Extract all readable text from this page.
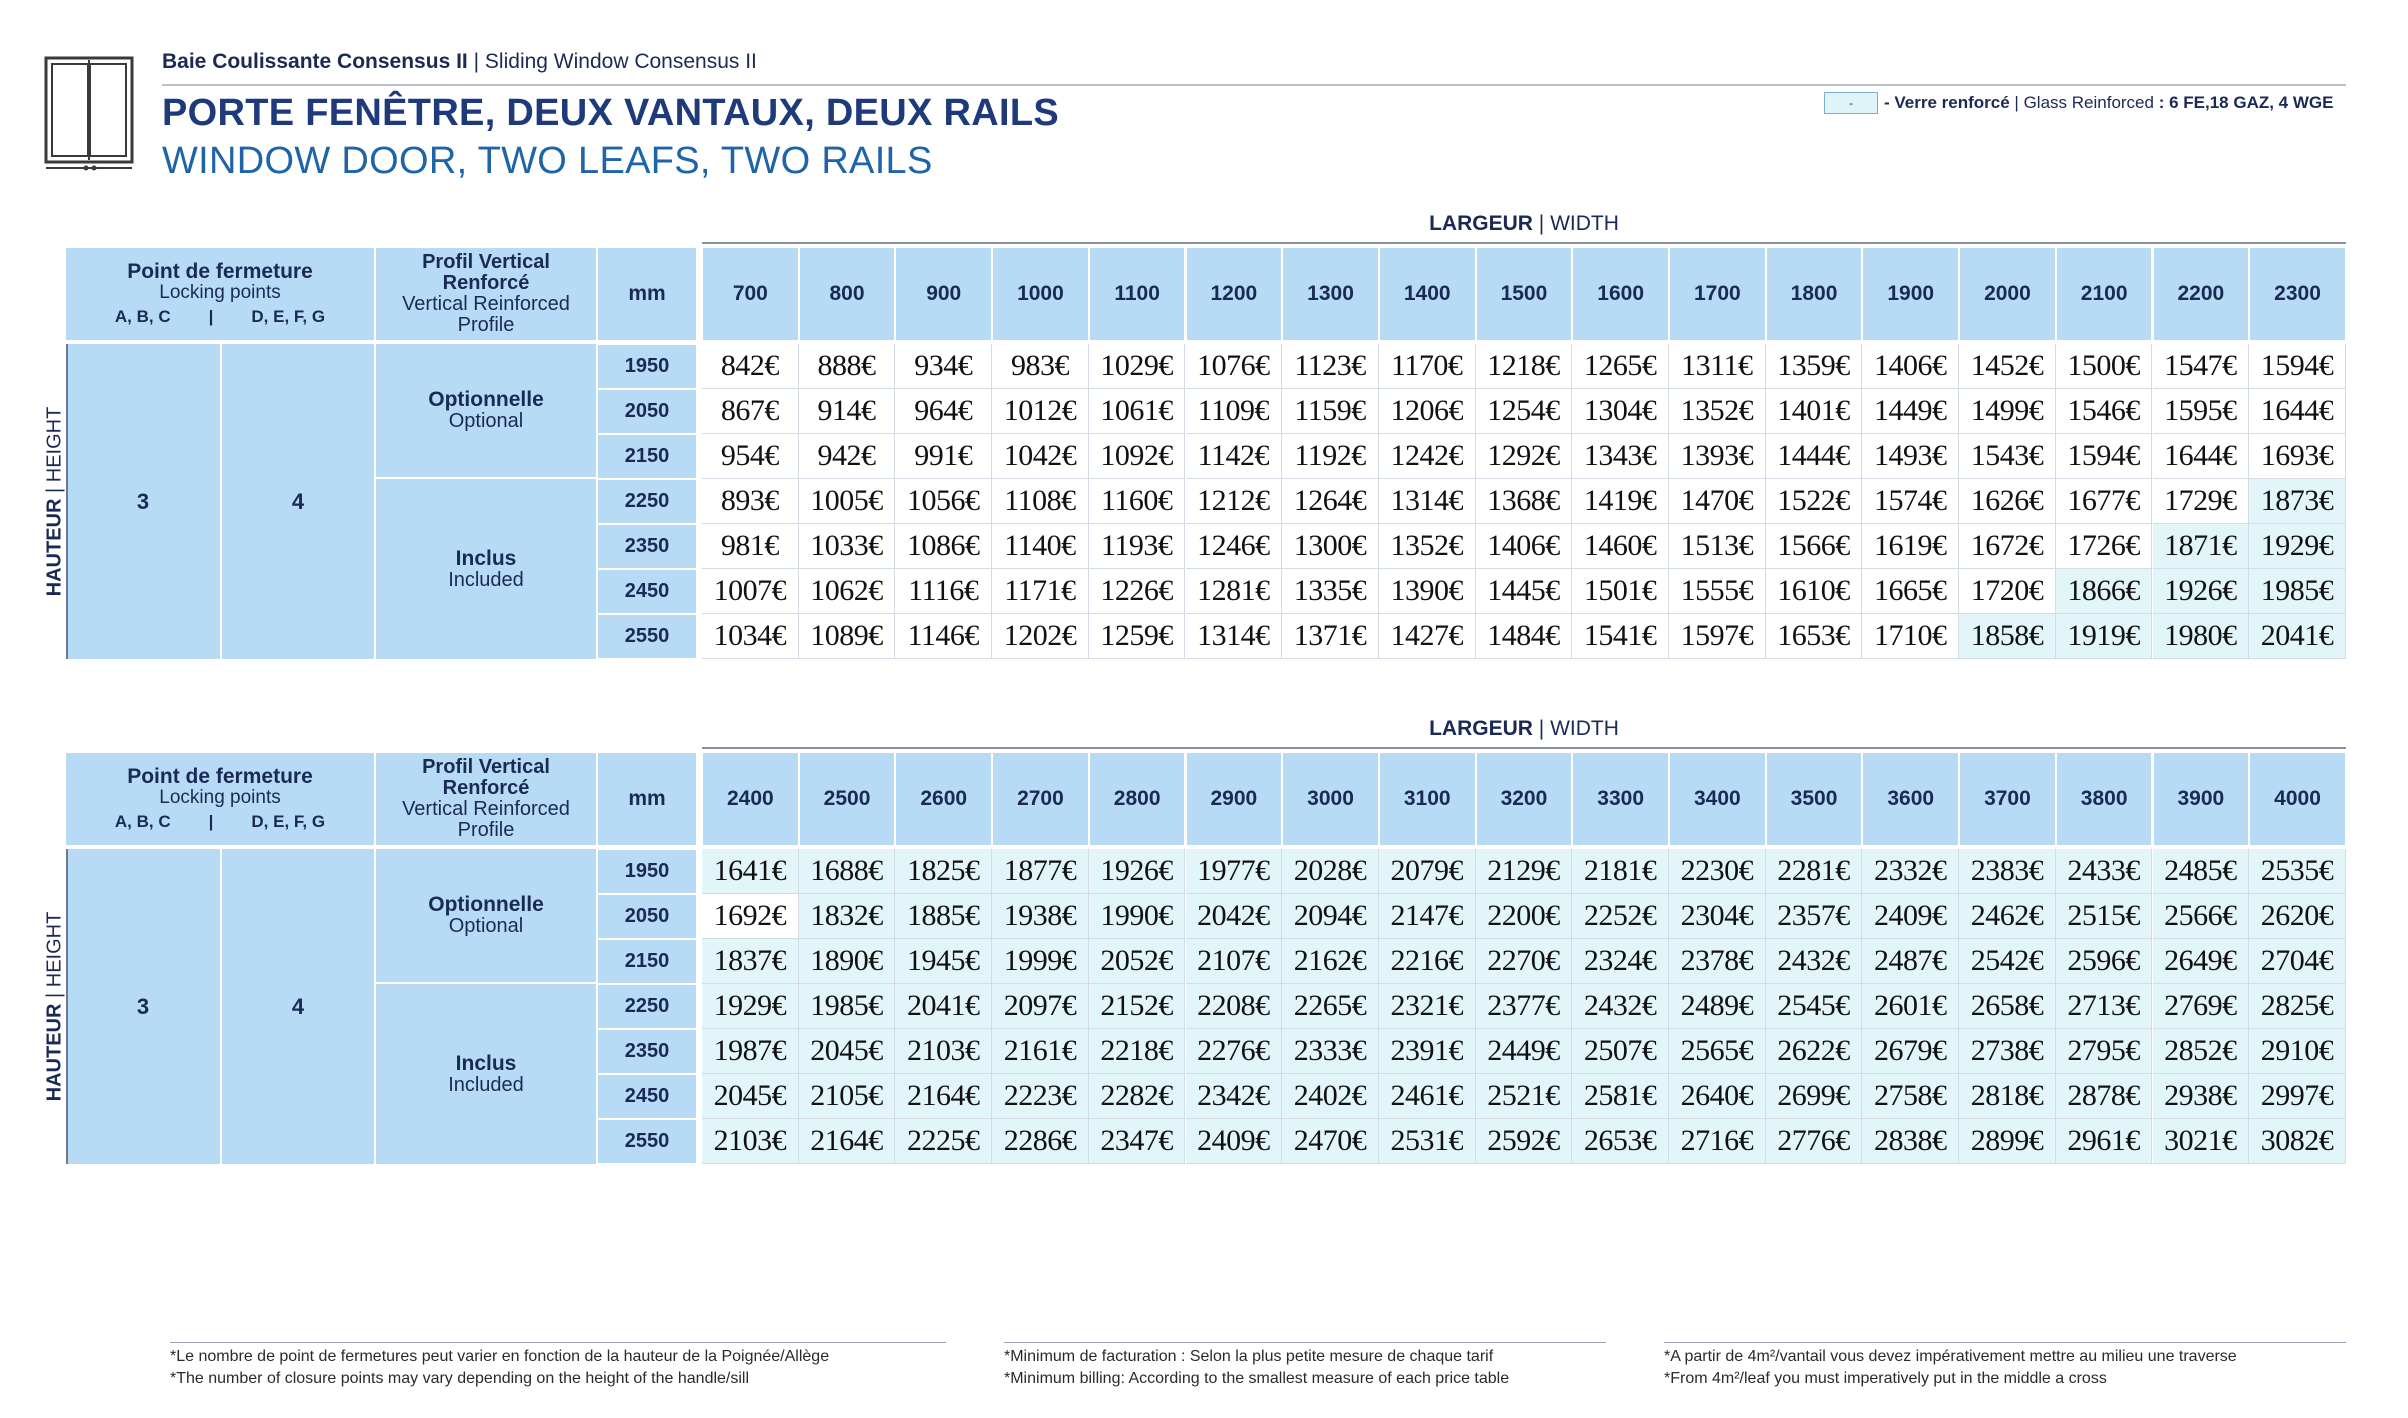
Baie Coulissante Consensus II | Sliding Window Consensus II
PORTE FENÊTRE, DEUX VANTAUX, DEUX RAILS
WINDOW DOOR, TWO LEAFS, TWO RAILS
-	- Verre renforcé
|
Glass Reinforced
: 6 FE,18 GAZ, 4 WGE
LARGEUR | WIDTH
Point de fermeture
Locking points
A, B, C | D, E, F, G
Profil Vertical
Renforcé
Vertical Reinforced
Profile
mm	700	800	900	1000	1100	1200	1300	1400	1500	1600	1700	1800	1900	2000	2100	2200	2300
3	4
Optionnelle
Optional
Inclus
Included
1950	842€	888€	934€	983€	1029€ 1076€ 1123€ 1170€ 1218€ 1265€ 1311€ 1359€ 1406€ 1452€ 1500€ 1547€ 1594€
2050	867€	914€	964€	1012€ 1061€ 1109€ 1159€ 1206€ 1254€ 1304€ 1352€ 1401€ 1449€ 1499€ 1546€ 1595€ 1644€
2150	954€	942€	991€	1042€ 1092€ 1142€ 1192€ 1242€ 1292€ 1343€ 1393€ 1444€ 1493€ 1543€ 1594€ 1644€ 1693€
2250	893€	1005€ 1056€ 1108€ 1160€ 1212€ 1264€ 1314€ 1368€ 1419€ 1470€ 1522€ 1574€ 1626€ 1677€ 1729€ 1873€
2350	981€	1033€ 1086€ 1140€ 1193€ 1246€ 1300€ 1352€ 1406€ 1460€ 1513€ 1566€ 1619€ 1672€ 1726€ 1871€ 1929€
2450	1007€ 1062€ 1116€ 1171€ 1226€ 1281€ 1335€ 1390€ 1445€ 1501€ 1555€ 1610€ 1665€ 1720€ 1866€ 1926€ 1985€
2550	1034€ 1089€ 1146€ 1202€ 1259€ 1314€ 1371€ 1427€ 1484€ 1541€ 1597€ 1653€ 1710€ 1858€ 1919€ 1980€ 2041€
HAUTEUR | HEIGHT
LARGEUR | WIDTH
Point de fermeture
Locking points
A, B, C | D, E, F, G
Profil Vertical
Renforcé
Vertical Reinforced
Profile
mm	2400	2500	2600	2700	2800	2900	3000	3100	3200	3300	3400	3500	3600	3700	3800	3900	4000
3	4
Optionnelle
Optional
Inclus
Included
1950	1641€ 1688€ 1825€ 1877€ 1926€ 1977€ 2028€ 2079€ 2129€ 2181€ 2230€ 2281€ 2332€ 2383€ 2433€ 2485€ 2535€
2050	1692€ 1832€ 1885€ 1938€ 1990€ 2042€ 2094€ 2147€ 2200€ 2252€ 2304€ 2357€ 2409€ 2462€ 2515€ 2566€ 2620€
2150	1837€ 1890€ 1945€ 1999€ 2052€ 2107€ 2162€ 2216€ 2270€ 2324€ 2378€ 2432€ 2487€ 2542€ 2596€ 2649€ 2704€
2250	1929€ 1985€ 2041€ 2097€ 2152€ 2208€ 2265€ 2321€ 2377€ 2432€ 2489€ 2545€ 2601€ 2658€ 2713€ 2769€ 2825€
2350	1987€ 2045€ 2103€ 2161€ 2218€ 2276€ 2333€ 2391€ 2449€ 2507€ 2565€ 2622€ 2679€ 2738€ 2795€ 2852€ 2910€
2450	2045€ 2105€ 2164€ 2223€ 2282€ 2342€ 2402€ 2461€ 2521€ 2581€ 2640€ 2699€ 2758€ 2818€ 2878€ 2938€ 2997€
2550	2103€ 2164€ 2225€ 2286€ 2347€ 2409€ 2470€ 2531€ 2592€ 2653€ 2716€ 2776€ 2838€ 2899€ 2961€ 3021€ 3082€
HAUTEUR | HEIGHT
*Le nombre de point de fermetures peut varier en fonction de la hauteur de la Poignée/Allège
*The number of closure points may vary depending on the height of the handle/sill
*Minimum de facturation : Selon la plus petite mesure de chaque tarif
*Minimum billing: According to the smallest measure of each price table
*A partir de 4m²/vantail vous devez impérativement mettre au milieu une traverse
*From 4m²/leaf you must imperatively put in the middle a cross
